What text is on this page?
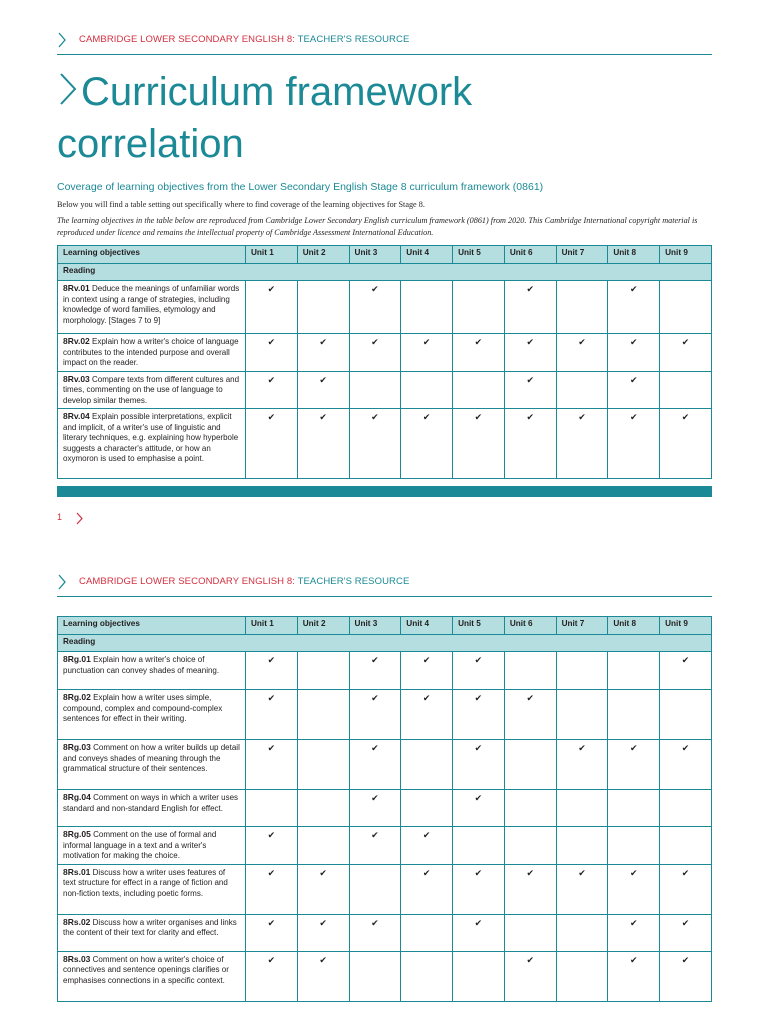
CAMBRIDGE LOWER SECONDARY ENGLISH 8: TEACHER'S RESOURCE
Curriculum framework
correlation
Coverage of learning objectives from the Lower Secondary English Stage 8 curriculum framework (0861)
Below you will find a table setting out specifically where to find coverage of the learning objectives for Stage 8.
The learning objectives in the table below are reproduced from Cambridge Lower Secondary English curriculum framework (0861) from 2020. This Cambridge International copyright material is reproduced under licence and remains the intellectual property of Cambridge Assessment International Education.
Learning objectives	Unit 1	Unit 2	Unit 3	Unit 4	Unit 5	Unit 6	Unit 7	Unit 8	Unit 9
Reading									
8Rv.01 Deduce the meanings of unfamiliar words in context using a range of strategies, including knowledge of word families, etymology and morphology. [Stages 7 to 9]	✔		✔			✔		✔	
8Rv.02 Explain how a writer's choice of language contributes to the intended purpose and overall impact on the reader.	✔	✔	✔	✔	✔	✔	✔	✔	✔
8Rv.03 Compare texts from different cultures and times, commenting on the use of language to develop similar themes.	✔	✔				✔		✔	
8Rv.04 Explain possible interpretations, explicit and implicit, of a writer's use of linguistic and literary techniques, e.g. explaining how hyperbole suggests a character's attitude, or how an oxymoron is used to emphasise a point.	✔	✔	✔	✔	✔	✔	✔	✔	✔
1
CAMBRIDGE LOWER SECONDARY ENGLISH 8: TEACHER'S RESOURCE
Learning objectives	Unit 1	Unit 2	Unit 3	Unit 4	Unit 5	Unit 6	Unit 7	Unit 8	Unit 9
Reading									
8Rg.01 Explain how a writer's choice of punctuation can convey shades of meaning.	✔		✔	✔	✔				✔
8Rg.02 Explain how a writer uses simple, compound, complex and compound-complex sentences for effect in their writing.	✔		✔	✔	✔	✔			
8Rg.03 Comment on how a writer builds up detail and conveys shades of meaning through the grammatical structure of their sentences.	✔		✔		✔		✔	✔	✔
8Rg.04 Comment on ways in which a writer uses standard and non-standard English for effect.			✔		✔				
8Rg.05 Comment on the use of formal and informal language in a text and a writer's motivation for making the choice.	✔		✔	✔					
8Rs.01 Discuss how a writer uses features of text structure for effect in a range of fiction and non-fiction texts, including poetic forms.	✔	✔		✔	✔	✔	✔	✔	✔
8Rs.02 Discuss how a writer organises and links the content of their text for clarity and effect.	✔	✔	✔		✔			✔	✔
8Rs.03 Comment on how a writer's choice of connectives and sentence openings clarifies or emphasises connections in a specific context.	✔	✔				✔		✔	✔
